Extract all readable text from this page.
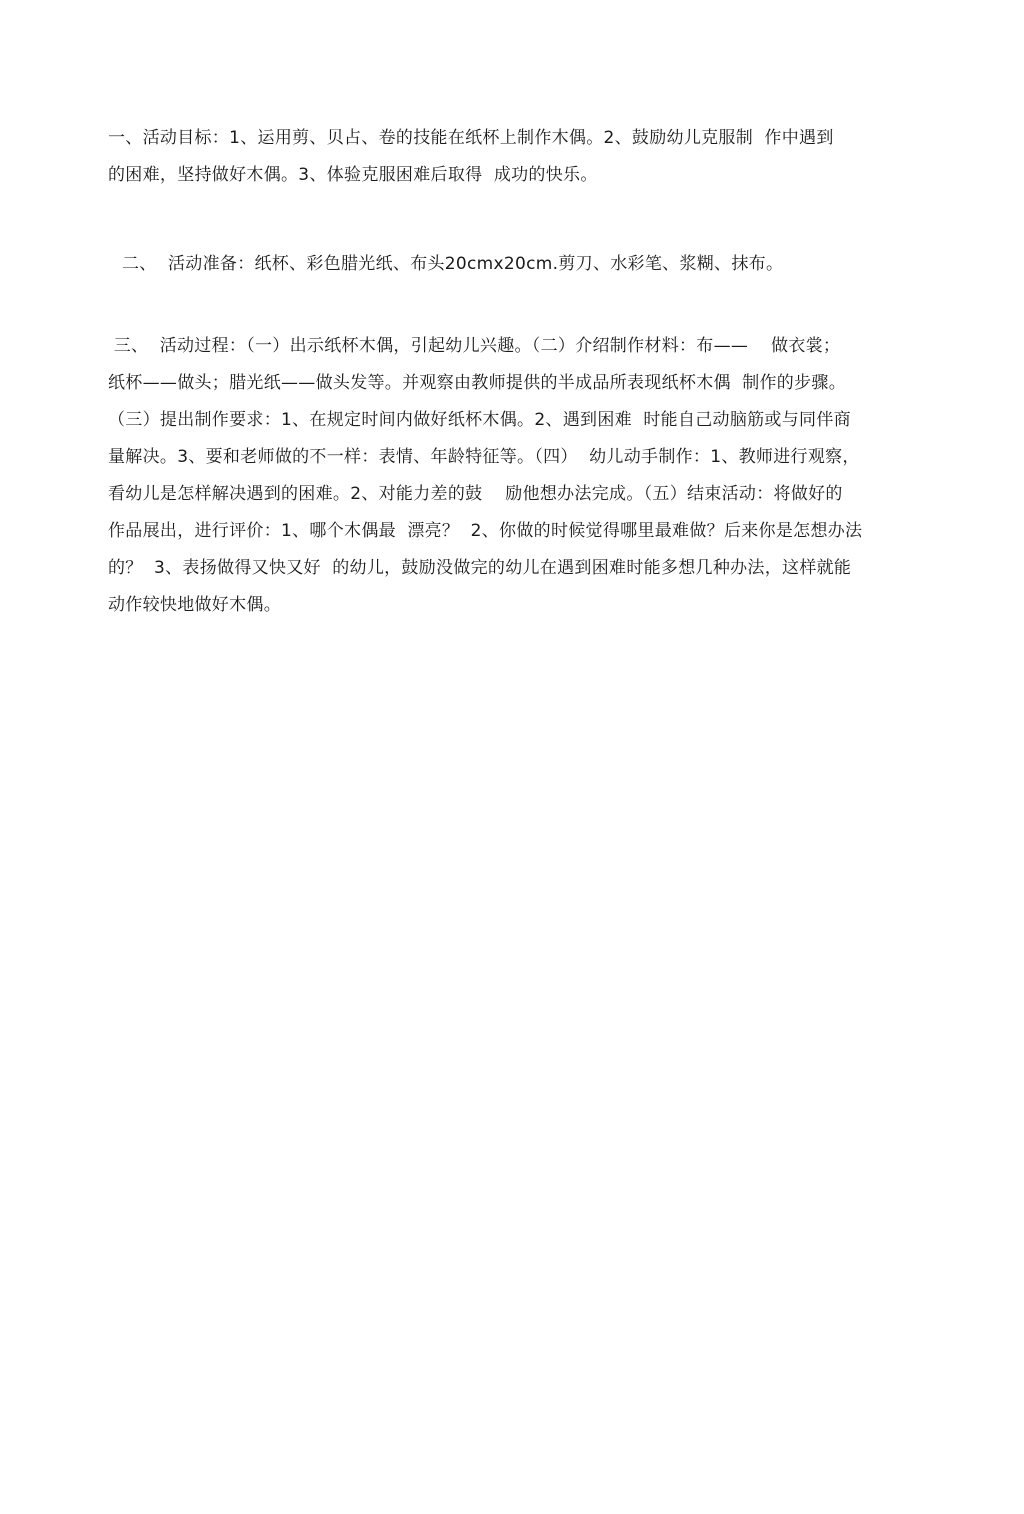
一、活动目标：1、运用剪、贝占、卷的技能在纸杯上制作木偶。2、鼓励幼儿克服制  作中遇到
的困难，坚持做好木偶。3、体验克服困难后取得  成功的快乐。
二、  活动准备：纸杯、彩色腊光纸、布头20cmx20cm.剪刀、水彩笔、浆糊、抹布。
三、  活动过程：（一）出示纸杯木偶，引起幼儿兴趣。（二）介绍制作材料：布——    做衣裳；
纸杯——做头；腊光纸——做头发等。并观察由教师提供的半成品所表现纸杯木偶  制作的步骤。
（三）提出制作要求：1、在规定时间内做好纸杯木偶。2、遇到困难  时能自己动脑筋或与同伴商
量解决。3、要和老师做的不一样：表情、年龄特征等。（四）  幼儿动手制作：1、教师进行观察，
看幼儿是怎样解决遇到的困难。2、对能力差的鼓    励他想办法完成。（五）结束活动：将做好的
作品展出，进行评价：1、哪个木偶最  漂亮？  2、你做的时候觉得哪里最难做？后来你是怎想办法
的？  3、表扬做得又快又好  的幼儿，鼓励没做完的幼儿在遇到困难时能多想几种办法，这样就能
动作较快地做好木偶。
